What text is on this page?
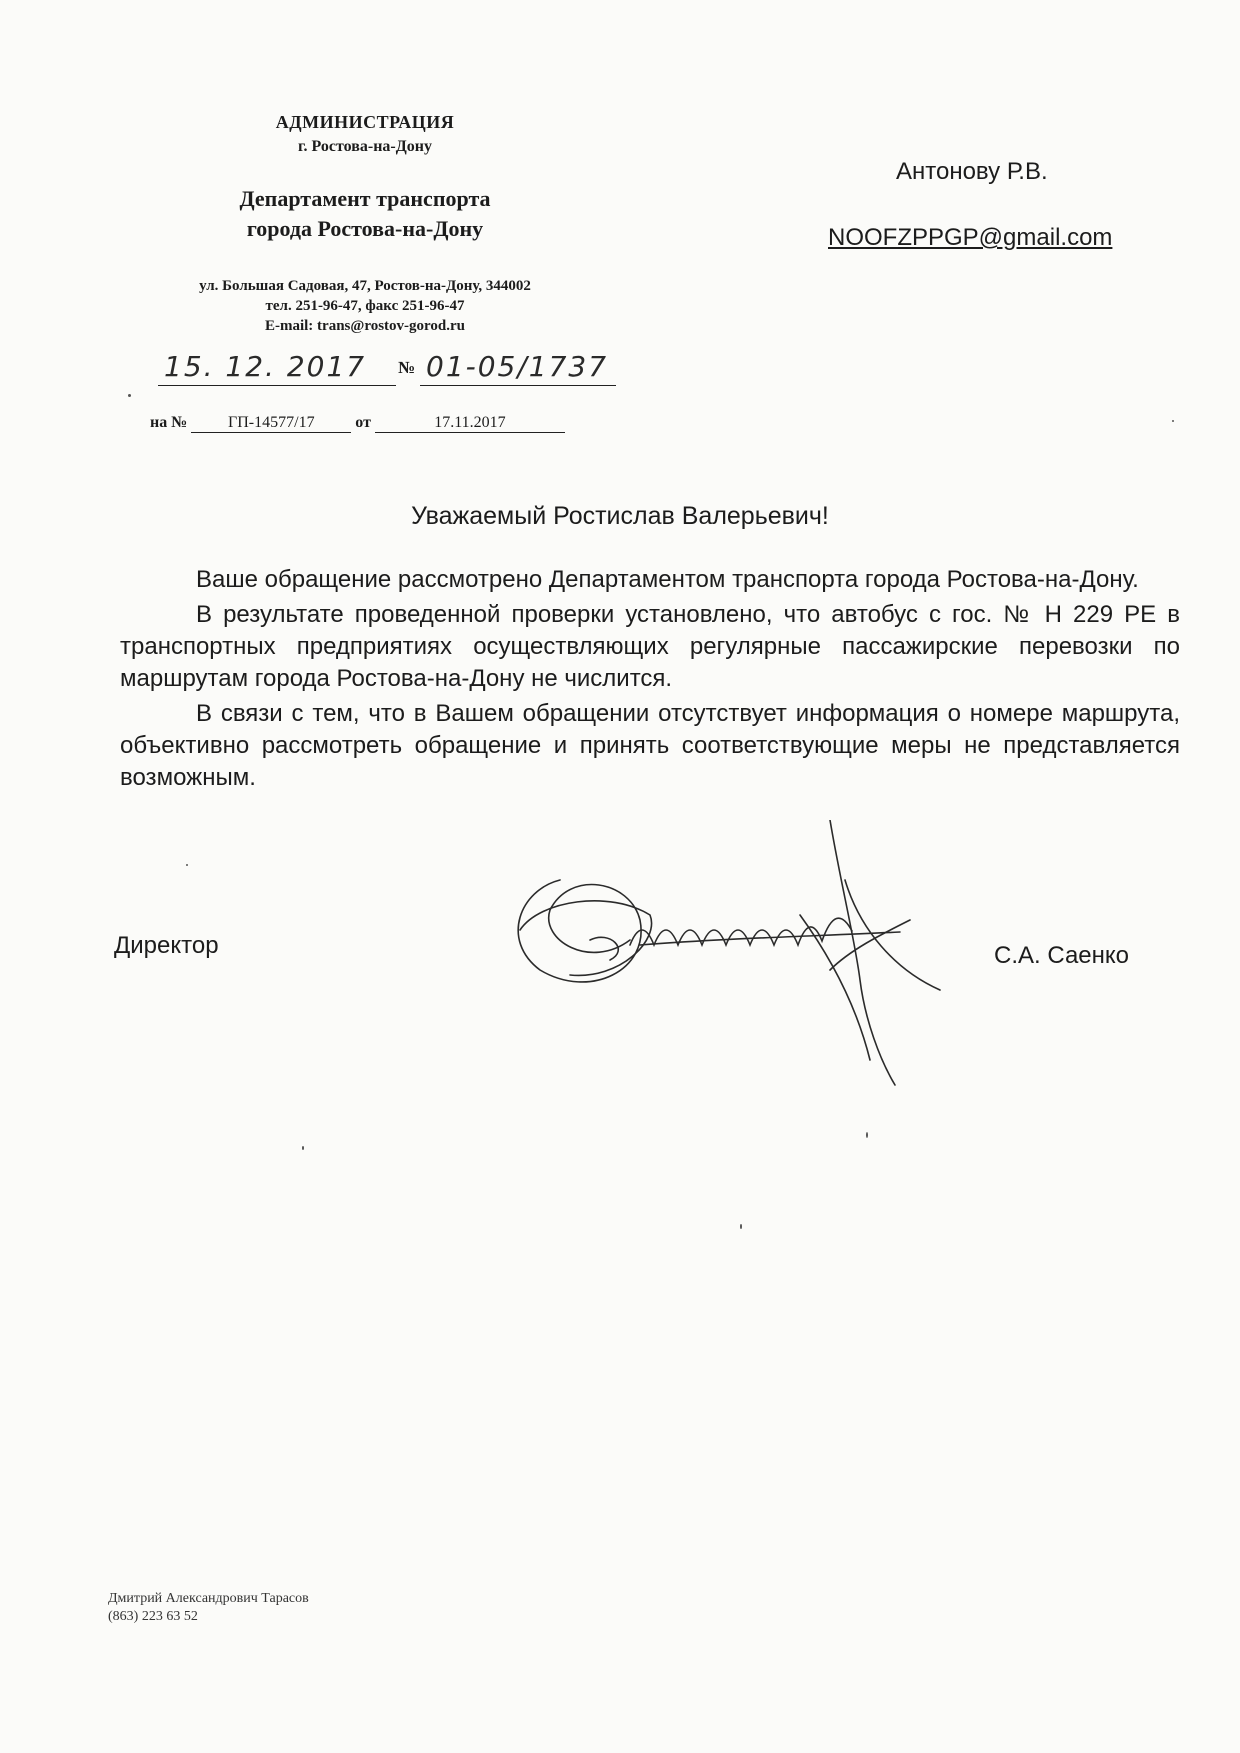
АДМИНИСТРАЦИЯ
г. Ростова-на-Дону
Департамент транспорта
города Ростова-на-Дону
ул. Большая Садовая, 47, Ростов-на-Дону, 344002
тел. 251-96-47, факс 251-96-47
E-mail: trans@rostov-gorod.ru
15. 12. 2017 № 01-05/1737
на №	ГП-14577/17	от	17.11.2017
Антонову Р.В.
NOOFZPPGP@gmail.com
Уважаемый Ростислав Валерьевич!

Ваше обращение рассмотрено Департаментом транспорта города Ростова-на-Дону.

В результате проведенной проверки установлено, что автобус с гос. № Н 229 РЕ в транспортных предприятиях осуществляющих регулярные пассажирские перевозки по маршрутам города Ростова-на-Дону не числится.

В связи с тем, что в Вашем обращении отсутствует информация о номере маршрута, объективно рассмотреть обращение и принять соответствующие меры не представляется возможным.

Директор	С.А. Саенко
Дмитрий Александрович Тарасов
(863) 223 63 52
